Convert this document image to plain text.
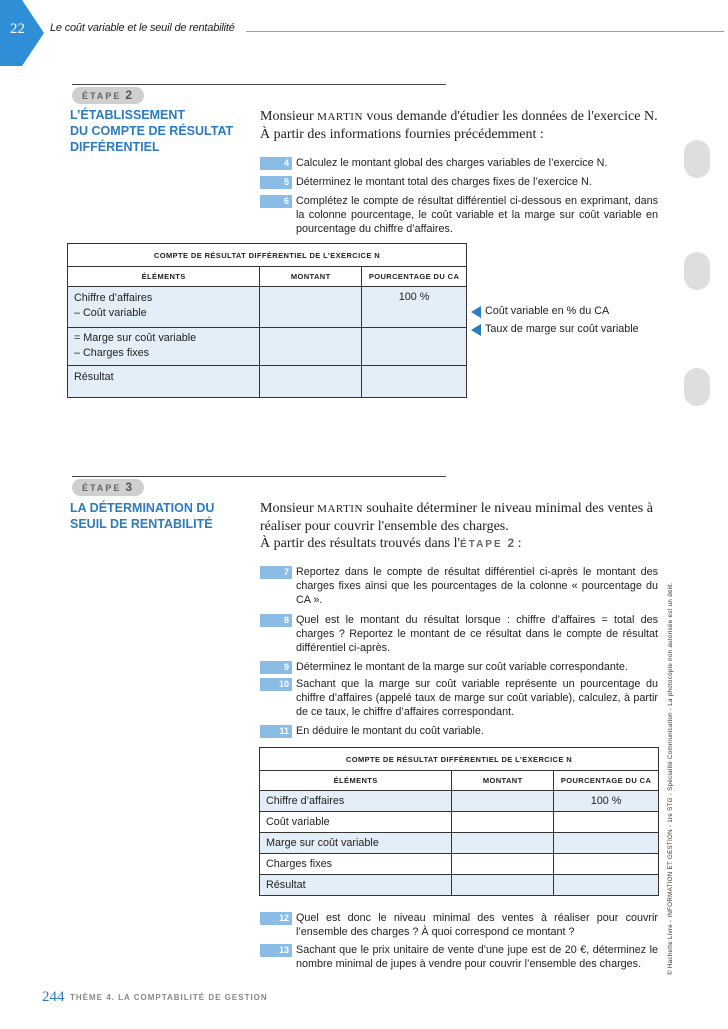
22 Le coût variable et le seuil de rentabilité
ÉTAPE 2
L’ÉTABLISSEMENT
DU COMPTE DE RÉSULTAT
DIFFÉRENTIEL
Monsieur MARTIN vous demande d'étudier les données de l'exercice N.
À partir des informations fournies précédemment :
4 Calculez le montant global des charges variables de l’exercice N.
5 Déterminez le montant total des charges fixes de l’exercice N.
6 Complétez le compte de résultat différentiel ci-dessous en exprimant, dans la colonne pourcentage, le coût variable et la marge sur coût variable en pourcentage du chiffre d’affaires.
COMPTE DE RÉSULTAT DIFFÉRENTIEL DE L’EXERCICE N		
ÉLÉMENTS	MONTANT	POURCENTAGE DU CA

Chiffre d’affaires
– Coût variable		100 %

= Marge sur coût variable
– Charges fixes		

Résultat		

Coût variable en % du CA
Taux de marge sur coût variable
ÉTAPE 3
LA DÉTERMINATION DU
SEUIL DE RENTABILITÉ
Monsieur MARTIN souhaite déterminer le niveau minimal des ventes à
réaliser pour couvrir l'ensemble des charges.
À partir des résultats trouvés dans l'ÉTAPE 2 :
7 Reportez dans le compte de résultat différentiel ci-après le montant des charges fixes ainsi que les pourcentages de la colonne « pourcentage du CA ».
8 Quel est le montant du résultat lorsque : chiffre d’affaires = total des charges ? Reportez le montant de ce résultat dans le compte de résultat différentiel ci-après.
9 Déterminez le montant de la marge sur coût variable correspondante.
10 Sachant que la marge sur coût variable représente un pourcentage du chiffre d’affaires (appelé taux de marge sur coût variable), calculez, à partir de ce taux, le chiffre d’affaires correspondant.
11 En déduire le montant du coût variable.
COMPTE DE RÉSULTAT DIFFÉRENTIEL DE L’EXERCICE N		
ÉLÉMENTS	MONTANT	POURCENTAGE DU CA
Chiffre d’affaires		100 %
Coût variable		
Marge sur coût variable		
Charges fixes		
Résultat		
12 Quel est donc le niveau minimal des ventes à réaliser pour couvrir l’ensemble des charges ? À quoi correspond ce montant ?
13 Sachant que le prix unitaire de vente d’une jupe est de 20 €, déterminez le nombre minimal de jupes à vendre pour couvrir l’ensemble des charges.
244 THÈME 4. LA COMPTABILITÉ DE GESTION
© Hachette Livre - INFORMATION ET GESTION - 1re STG - Spécialité Communication - La photocopie non autorisée est un délit.
